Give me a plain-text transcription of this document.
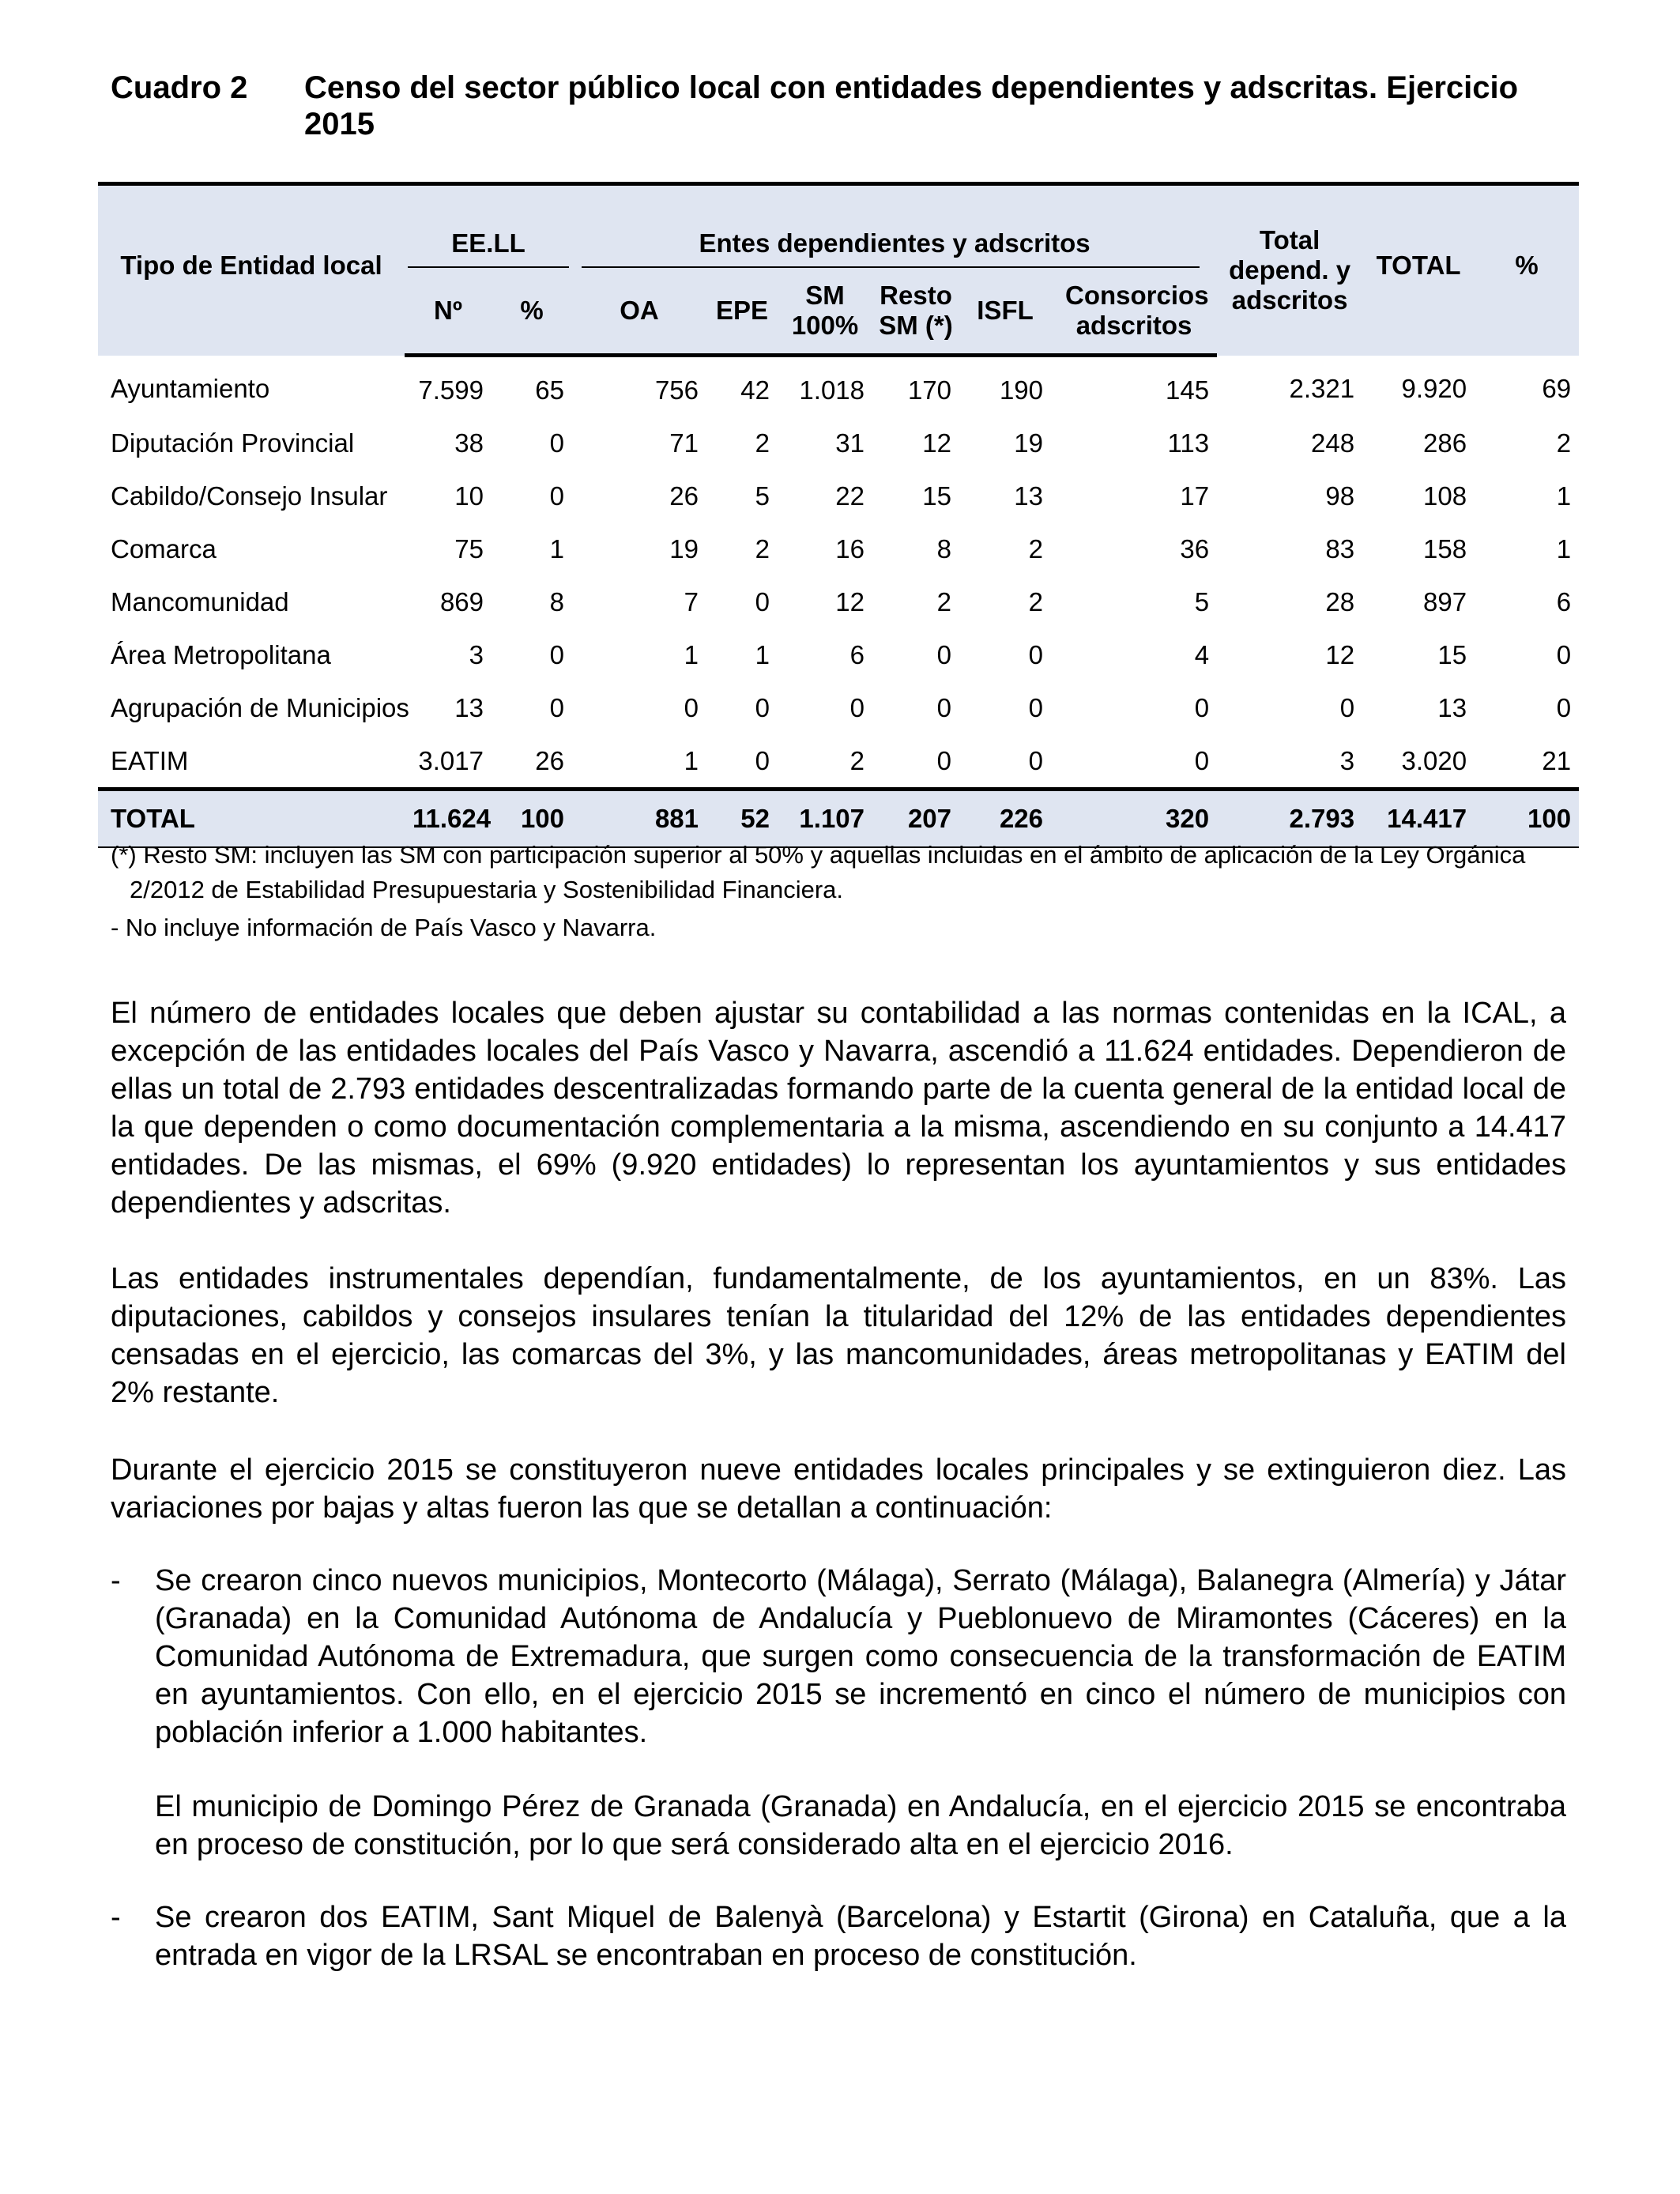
Cuadro 2 Censo del sector público local con entidades dependientes y adscritas. Ejercicio 2015
Tipo de Entidad local	EE.LL		Entes dependientes y adscritos						Total depend. y adscritos	TOTAL	%
	Nº	%	OA	EPE	SM 100%	Resto SM (*)	ISFL	Consorcios adscritos			
Ayuntamiento	7.599	65	756	42	1.018	170	190	145	2.321	9.920	69
Diputación Provincial	38	0	71	2	31	12	19	113	248	286	2
Cabildo/Consejo Insular	10	0	26	5	22	15	13	17	98	108	1
Comarca	75	1	19	2	16	8	2	36	83	158	1
Mancomunidad	869	8	7	0	12	2	2	5	28	897	6
Área Metropolitana	3	0	1	1	6	0	0	4	12	15	0
Agrupación de Municipios	13	0	0	0	0	0	0	0	0	13	0
EATIM	3.017	26	1	0	2	0	0	0	3	3.020	21
TOTAL	11.624	100	881	52	1.107	207	226	320	2.793	14.417	100
(*) Resto SM: incluyen las SM con participación superior al 50% y aquellas incluidas en el ámbito de aplicación de la Ley Orgánica
2/2012 de Estabilidad Presupuestaria y Sostenibilidad Financiera.
- No incluye información de País Vasco y Navarra.
El número de entidades locales que deben ajustar su contabilidad a las normas contenidas en la ICAL, a excepción de las entidades locales del País Vasco y Navarra, ascendió a 11.624 entidades. Dependieron de ellas un total de 2.793 entidades descentralizadas formando parte de la cuenta general de la entidad local de la que dependen o como documentación complementaria a la misma, ascendiendo en su conjunto a 14.417 entidades. De las mismas, el 69% (9.920 entidades) lo representan los ayuntamientos y sus entidades dependientes y adscritas.
Las entidades instrumentales dependían, fundamentalmente, de los ayuntamientos, en un 83%. Las diputaciones, cabildos y consejos insulares tenían la titularidad del 12% de las entidades dependientes censadas en el ejercicio, las comarcas del 3%, y las mancomunidades, áreas metropolitanas y EATIM del 2% restante.
Durante el ejercicio 2015 se constituyeron nueve entidades locales principales y se extinguieron diez. Las variaciones por bajas y altas fueron las que se detallan a continuación:
- Se crearon cinco nuevos municipios, Montecorto (Málaga), Serrato (Málaga), Balanegra (Almería) y Játar (Granada) en la Comunidad Autónoma de Andalucía y Pueblonuevo de Miramontes (Cáceres) en la Comunidad Autónoma de Extremadura, que surgen como consecuencia de la transformación de EATIM en ayuntamientos. Con ello, en el ejercicio 2015 se incrementó en cinco el número de municipios con población inferior a 1.000 habitantes.
El municipio de Domingo Pérez de Granada (Granada) en Andalucía, en el ejercicio 2015 se encontraba en proceso de constitución, por lo que será considerado alta en el ejercicio 2016.
- Se crearon dos EATIM, Sant Miquel de Balenyà (Barcelona) y Estartit (Girona) en Cataluña, que a la entrada en vigor de la LRSAL se encontraban en proceso de constitución.
